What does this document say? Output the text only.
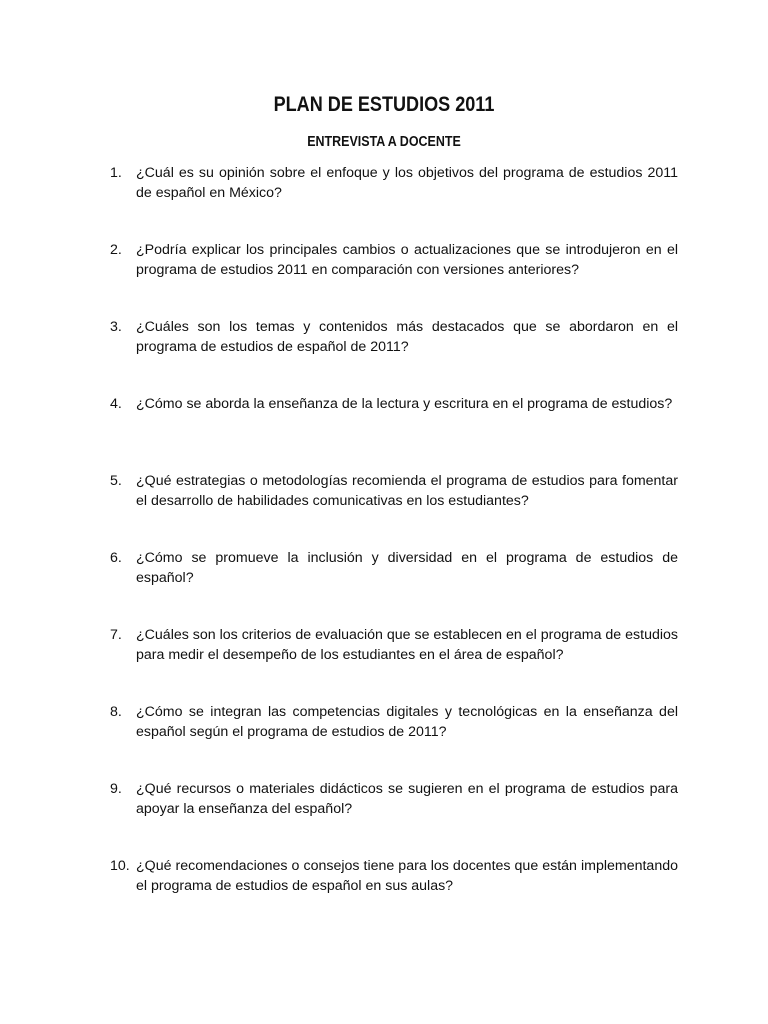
PLAN DE ESTUDIOS 2011
ENTREVISTA A DOCENTE
1. ¿Cuál es su opinión sobre el enfoque y los objetivos del programa de estudios 2011 de español en México?
2. ¿Podría explicar los principales cambios o actualizaciones que se introdujeron en el programa de estudios 2011 en comparación con versiones anteriores?
3. ¿Cuáles son los temas y contenidos más destacados que se abordaron en el programa de estudios de español de 2011?
4. ¿Cómo se aborda la enseñanza de la lectura y escritura en el programa de estudios?
5. ¿Qué estrategias o metodologías recomienda el programa de estudios para fomentar el desarrollo de habilidades comunicativas en los estudiantes?
6. ¿Cómo se promueve la inclusión y diversidad en el programa de estudios de español?
7. ¿Cuáles son los criterios de evaluación que se establecen en el programa de estudios para medir el desempeño de los estudiantes en el área de español?
8. ¿Cómo se integran las competencias digitales y tecnológicas en la enseñanza del español según el programa de estudios de 2011?
9. ¿Qué recursos o materiales didácticos se sugieren en el programa de estudios para apoyar la enseñanza del español?
10. ¿Qué recomendaciones o consejos tiene para los docentes que están implementando el programa de estudios de español en sus aulas?
